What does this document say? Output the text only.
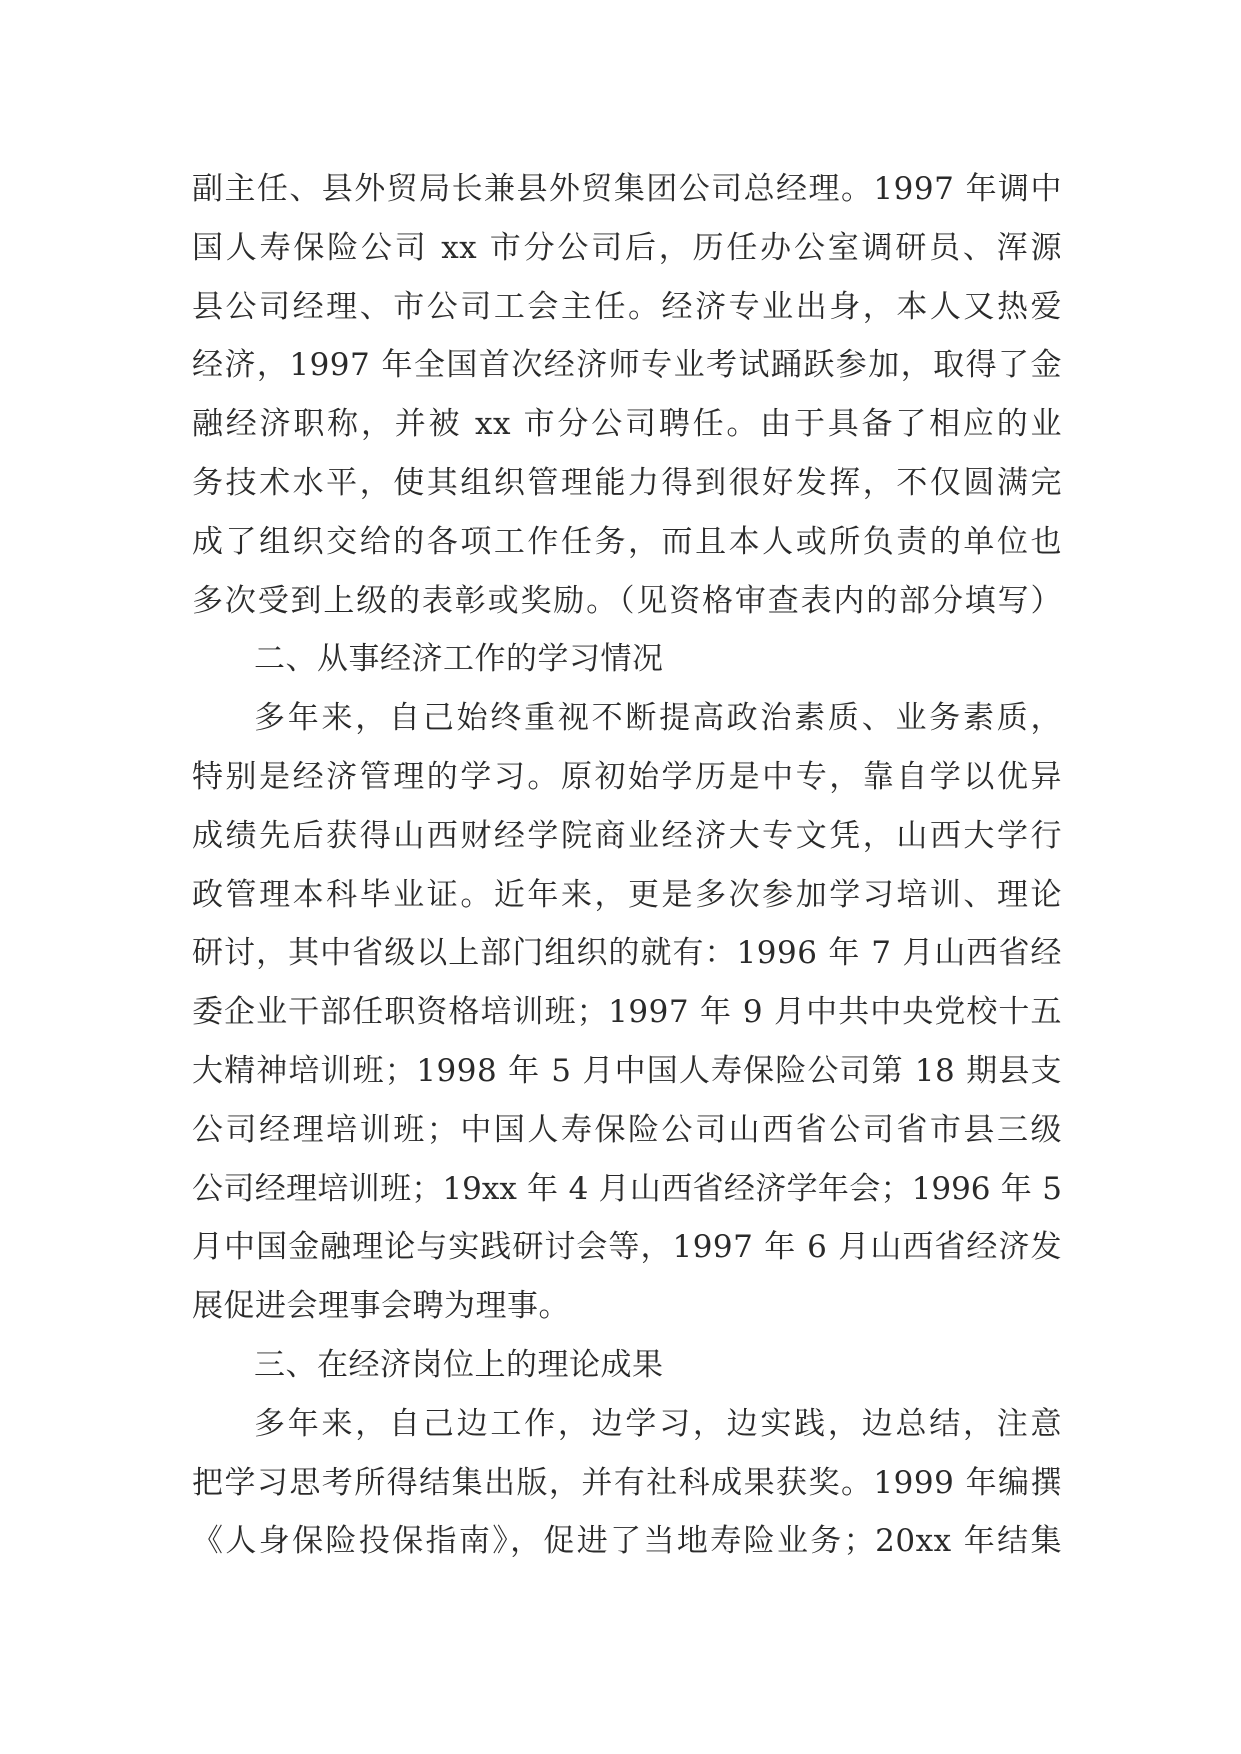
副主任、县外贸局长兼县外贸集团公司总经理。1997 年调中

国人寿保险公司 xx 市分公司后，历任办公室调研员、浑源

县公司经理、市公司工会主任。经济专业出身，本人又热爱

经济，1997 年全国首次经济师专业考试踊跃参加，取得了金

融经济职称，并被 xx 市分公司聘任。由于具备了相应的业

务技术水平，使其组织管理能力得到很好发挥，不仅圆满完

成了组织交给的各项工作任务，而且本人或所负责的单位也

多次受到上级的表彰或奖励。（见资格审查表内的部分填写）

二、从事经济工作的学习情况

多年来，自己始终重视不断提高政治素质、业务素质，

特别是经济管理的学习。原初始学历是中专，靠自学以优异

成绩先后获得山西财经学院商业经济大专文凭，山西大学行

政管理本科毕业证。近年来，更是多次参加学习培训、理论

研讨，其中省级以上部门组织的就有：1996 年 7 月山西省经

委企业干部任职资格培训班；1997 年 9 月中共中央党校十五

大精神培训班；1998 年 5 月中国人寿保险公司第 18 期县支

公司经理培训班；中国人寿保险公司山西省公司省市县三级

公司经理培训班；19xx 年 4 月山西省经济学年会；1996 年 5

月中国金融理论与实践研讨会等，1997 年 6 月山西省经济发

展促进会理事会聘为理事。

三、在经济岗位上的理论成果

多年来，自己边工作，边学习，边实践，边总结，注意

把学习思考所得结集出版，并有社科成果获奖。1999 年编撰

《人身保险投保指南》，促进了当地寿险业务；20xx 年结集
